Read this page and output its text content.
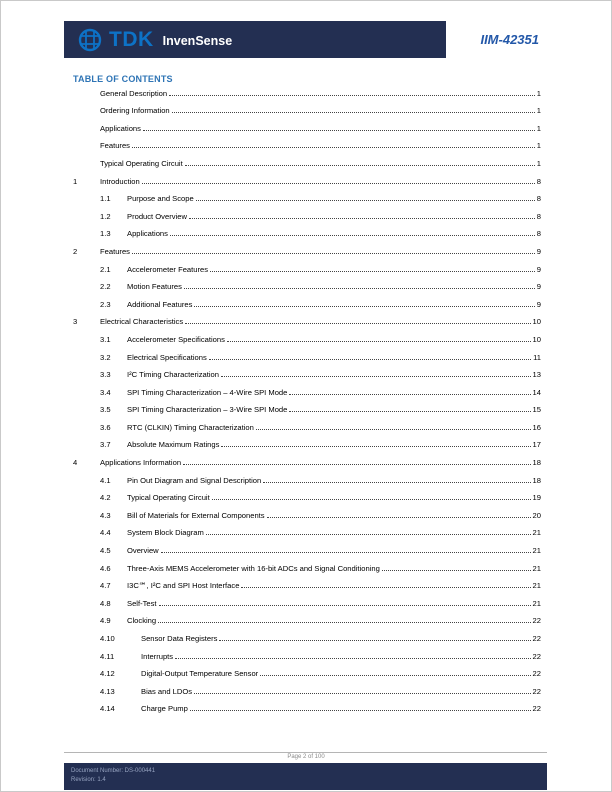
TDK InvenSense	IIM-42351
TABLE OF CONTENTS
General Description	1
Ordering Information	1
Applications	1
Features	1
Typical Operating Circuit	1
1	Introduction	8
1.1	Purpose and Scope	8
1.2	Product Overview	8
1.3	Applications	8
2	Features	9
2.1	Accelerometer Features	9
2.2	Motion Features	9
2.3	Additional Features	9
3	Electrical Characteristics	10
3.1	Accelerometer Specifications	10
3.2	Electrical Specifications	11
3.3	I²C Timing Characterization	13
3.4	SPI Timing Characterization – 4-Wire SPI Mode	14
3.5	SPI Timing Characterization – 3-Wire SPI Mode	15
3.6	RTC (CLKIN) Timing Characterization	16
3.7	Absolute Maximum Ratings	17
4	Applications Information	18
4.1	Pin Out Diagram and Signal Description	18
4.2	Typical Operating Circuit	19
4.3	Bill of Materials for External Components	20
4.4	System Block Diagram	21
4.5	Overview	21
4.6	Three-Axis MEMS Accelerometer with 16-bit ADCs and Signal Conditioning	21
4.7	I3C℠, I²C and SPI Host Interface	21
4.8	Self-Test	21
4.9	Clocking	22
4.10	Sensor Data Registers	22
4.11	Interrupts	22
4.12	Digital-Output Temperature Sensor	22
4.13	Bias and LDOs	22
4.14	Charge Pump	22
Page 2 of 100
Document Number: DS-000441
Revision: 1.4
